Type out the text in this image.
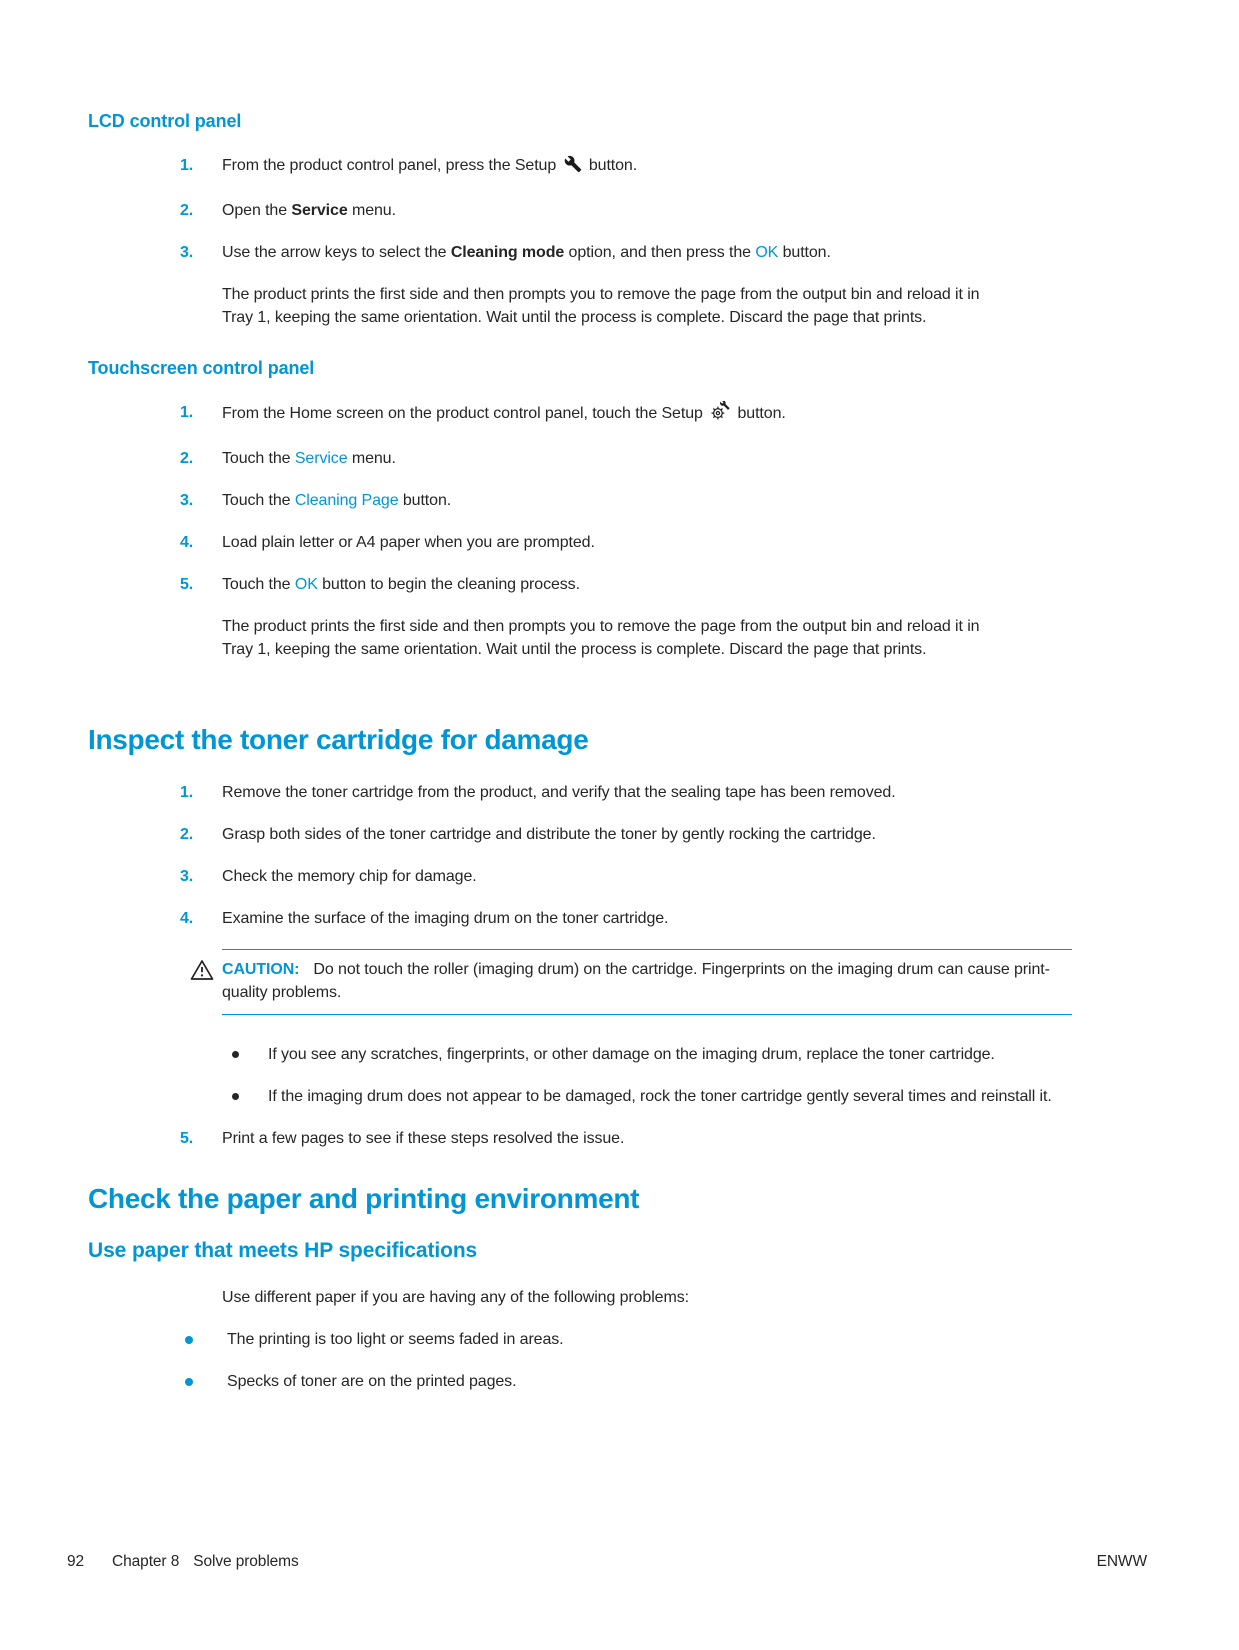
LCD control panel
1.	From the product control panel, press the Setup  button.
2.	Open the Service menu.
3.	Use the arrow keys to select the Cleaning mode option, and then press the OK button.

The product prints the first side and then prompts you to remove the page from the output bin and reload it in Tray 1, keeping the same orientation. Wait until the process is complete. Discard the page that prints.

Touchscreen control panel
1.	From the Home screen on the product control panel, touch the Setup  button.
2.	Touch the Service menu.
3.	Touch the Cleaning Page button.
4.	Load plain letter or A4 paper when you are prompted.
5.	Touch the OK button to begin the cleaning process.

The product prints the first side and then prompts you to remove the page from the output bin and reload it in Tray 1, keeping the same orientation. Wait until the process is complete. Discard the page that prints.

Inspect the toner cartridge for damage
1.	Remove the toner cartridge from the product, and verify that the sealing tape has been removed.
2.	Grasp both sides of the toner cartridge and distribute the toner by gently rocking the cartridge.
3.	Check the memory chip for damage.
4.	Examine the surface of the imaging drum on the toner cartridge.
CAUTION: Do not touch the roller (imaging drum) on the cartridge. Fingerprints on the imaging drum can cause print-quality problems.
If you see any scratches, fingerprints, or other damage on the imaging drum, replace the toner cartridge.
If the imaging drum does not appear to be damaged, rock the toner cartridge gently several times and reinstall it.
5.	Print a few pages to see if these steps resolved the issue.
Check the paper and printing environment
Use paper that meets HP specifications

Use different paper if you are having any of the following problems:

The printing is too light or seems faded in areas.
Specks of toner are on the printed pages.
92 Chapter 8 Solve problems	ENWW
